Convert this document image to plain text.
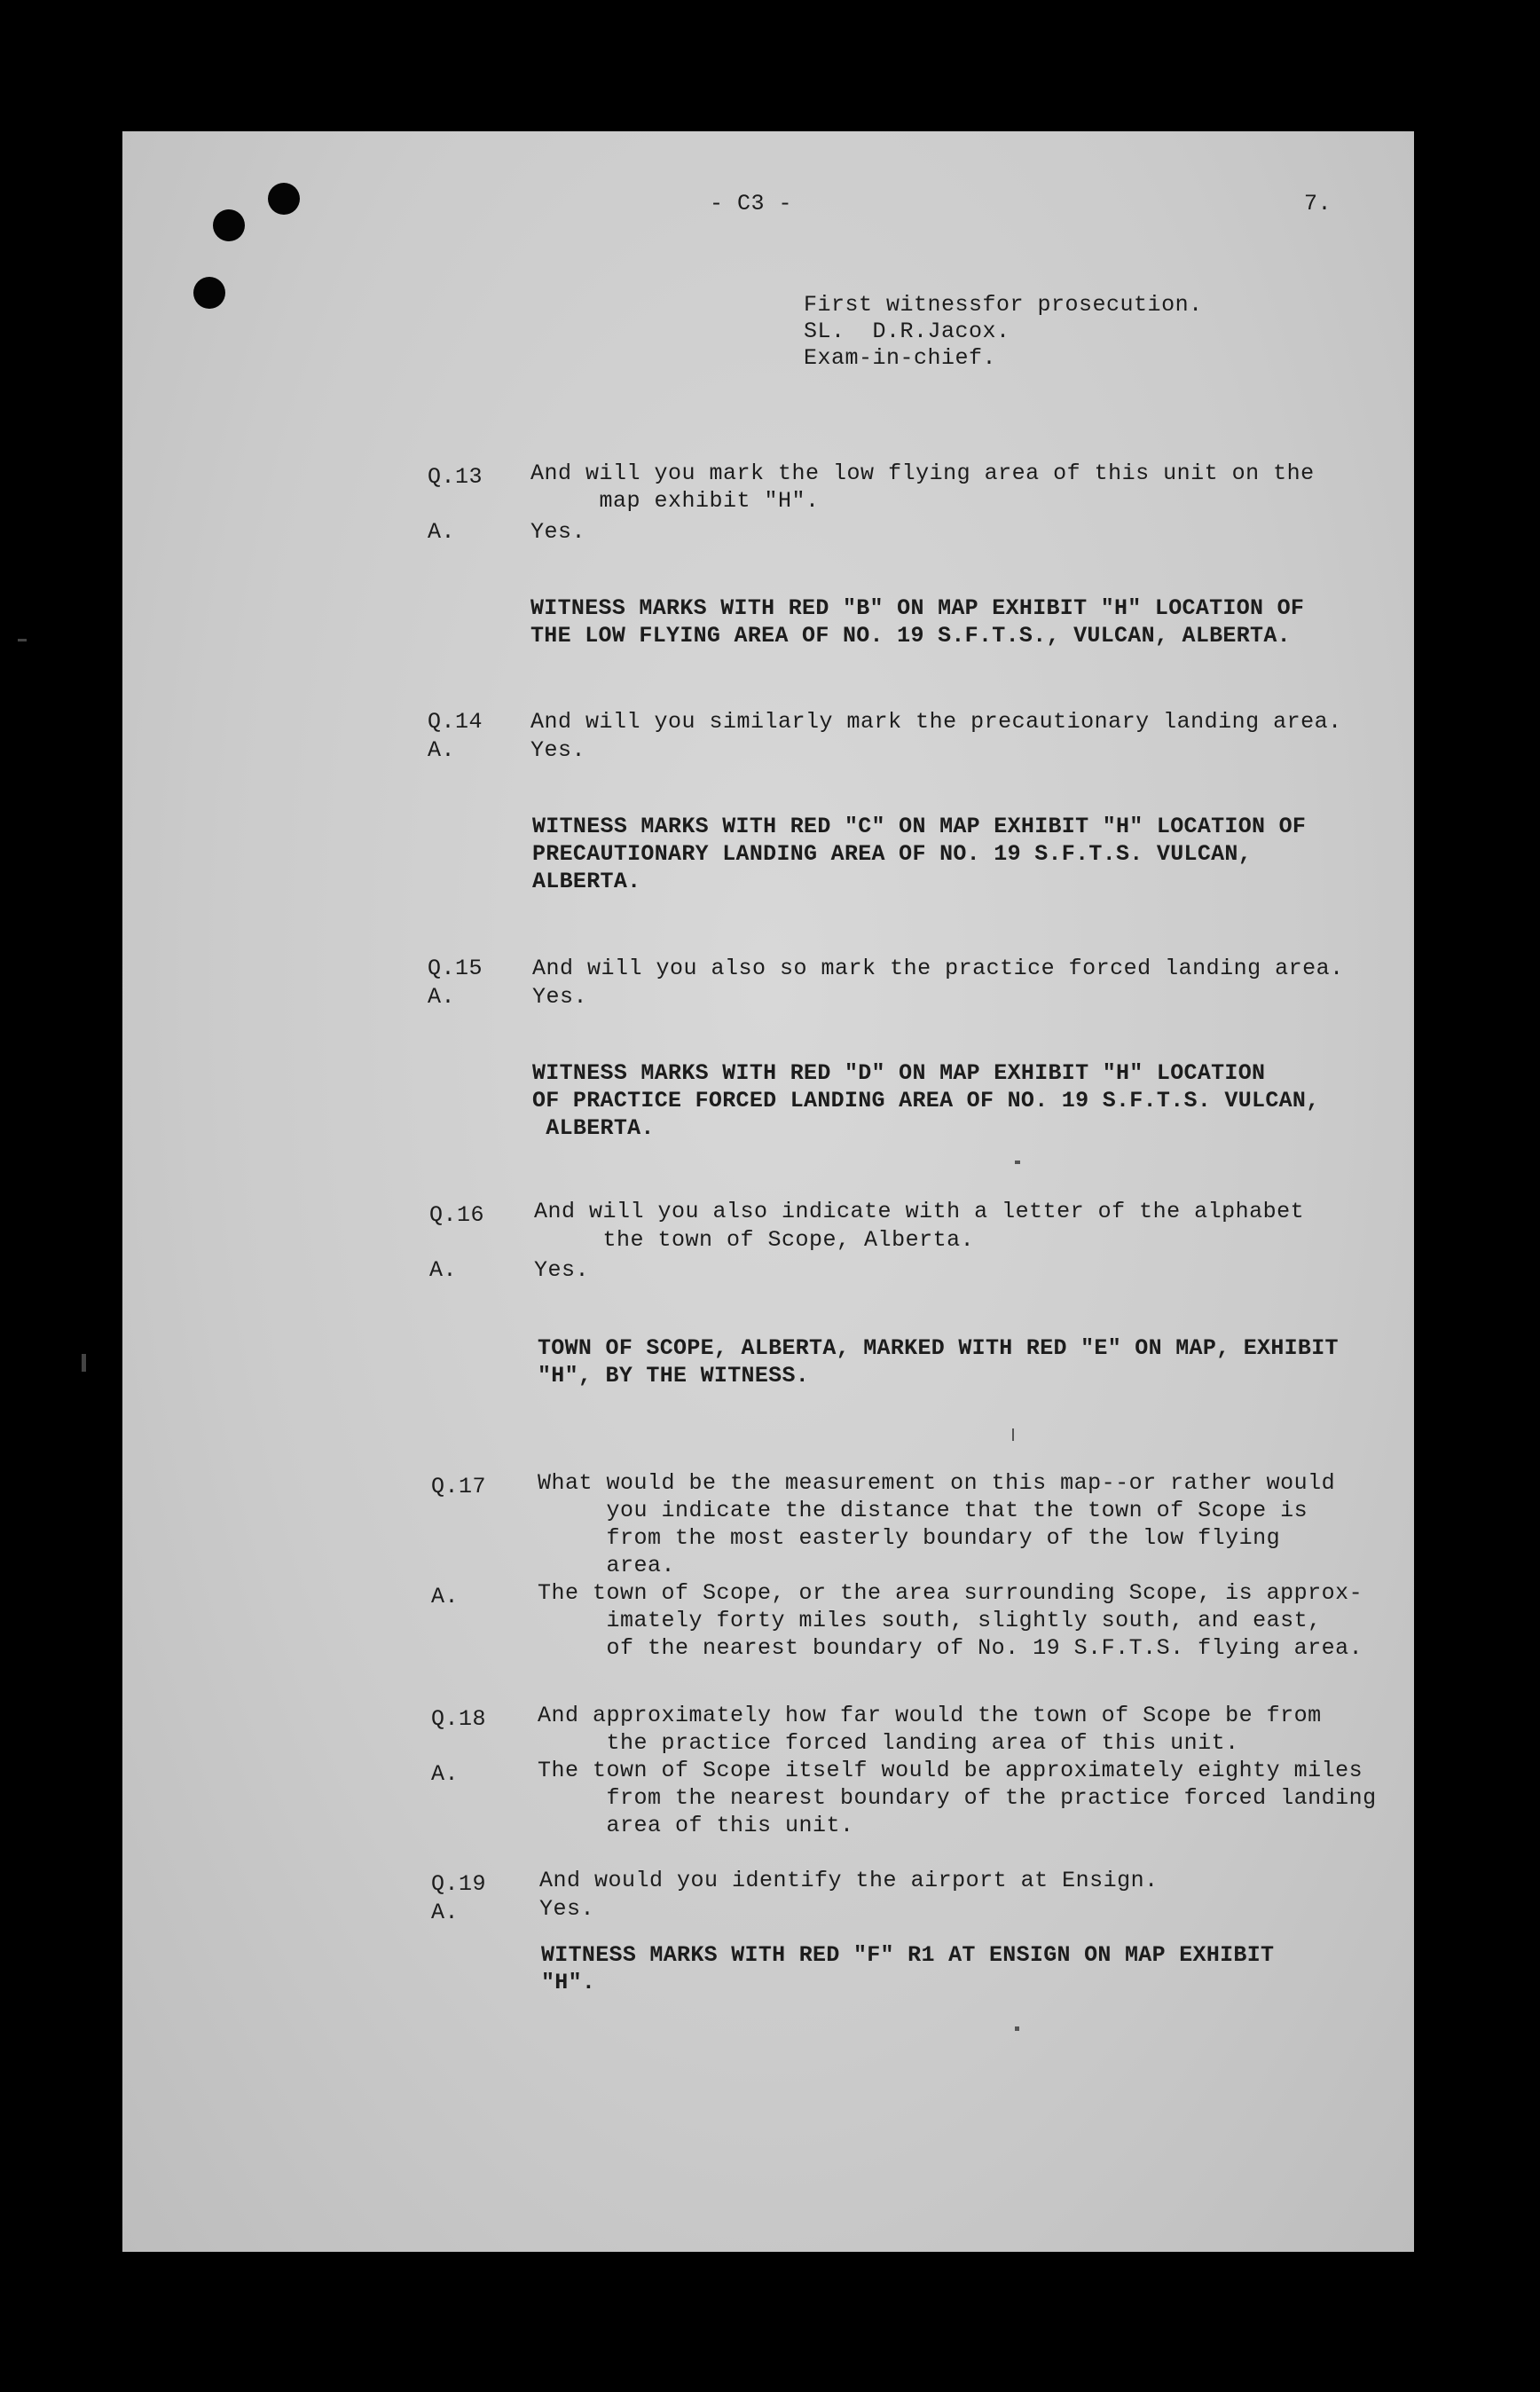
- C3 -	7.
First witnessfor prosecution.
SL.  D.R.Jacox.
Exam-in-chief.
Q.13 And will you mark the low flying area of this unit on the
map exhibit "H".
A.	Yes.
WITNESS MARKS WITH RED "B" ON MAP EXHIBIT "H" LOCATION OF
THE LOW FLYING AREA OF NO. 19 S.F.T.S., VULCAN, ALBERTA.
Q.14 And will you similarly mark the precautionary landing area.
A.	Yes.
WITNESS MARKS WITH RED "C" ON MAP EXHIBIT "H" LOCATION OF
PRECAUTIONARY LANDING AREA OF NO. 19 S.F.T.S. VULCAN,
ALBERTA.
Q.15 And will you also so mark the practice forced landing area.
A.	Yes.
WITNESS MARKS WITH RED "D" ON MAP EXHIBIT "H" LOCATION
OF PRACTICE FORCED LANDING AREA OF NO. 19 S.F.T.S. VULCAN,
ALBERTA.
Q.16 And will you also indicate with a letter of the alphabet
the town of Scope, Alberta.
A.	Yes.
TOWN OF SCOPE, ALBERTA, MARKED WITH RED "E" ON MAP, EXHIBIT
"H", BY THE WITNESS.
Q.17 What would be the measurement on this map--or rather would
you indicate the distance that the town of Scope is
from the most easterly boundary of the low flying
area.
A.	The town of Scope, or the area surrounding Scope, is approx-
imately forty miles south, slightly south, and east,
of the nearest boundary of No. 19 S.F.T.S. flying area.
Q.18 And approximately how far would the town of Scope be from
the practice forced landing area of this unit.
A.	The town of Scope itself would be approximately eighty miles
from the nearest boundary of the practice forced landing
area of this unit.
Q.19 And would you identify the airport at Ensign.
A.	Yes.
WITNESS MARKS WITH RED "F" R1 AT ENSIGN ON MAP EXHIBIT
"H".
